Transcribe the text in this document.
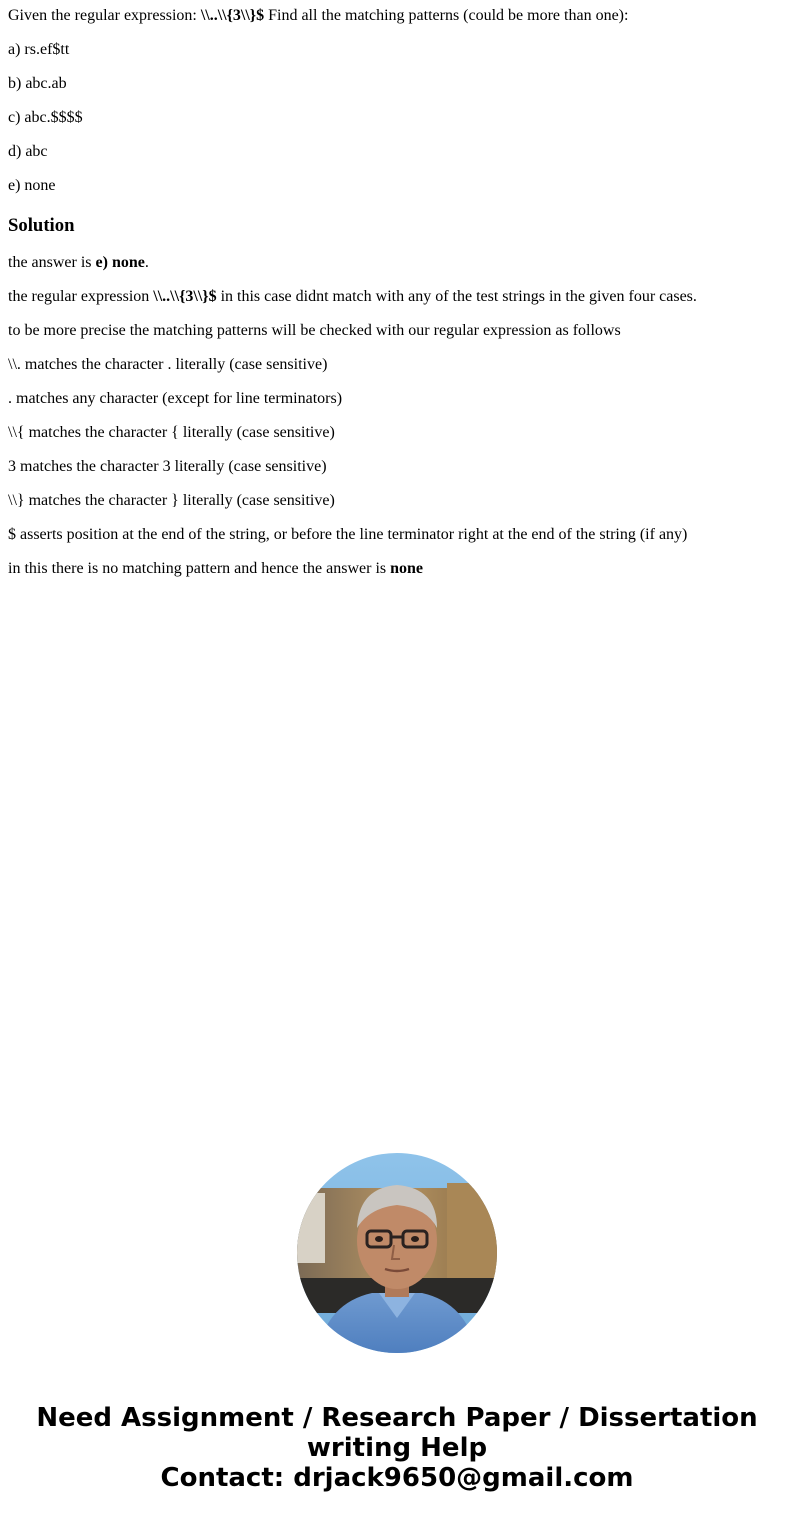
Given the regular expression: \\..\\{3\\}$ Find all the matching patterns (could be more than one):

a) rs.ef$tt

b) abc.ab

c) abc.$$$$

d) abc

e) none

Solution

the answer is e) none.

the regular expression \\..\\{3\\}$ in this case didnt match with any of the test strings in the given four cases.

to be more precise the matching patterns will be checked with our regular expression as follows

\\. matches the character . literally (case sensitive)

. matches any character (except for line terminators)

\\{ matches the character { literally (case sensitive)

3 matches the character 3 literally (case sensitive)

\\} matches the character } literally (case sensitive)

$ asserts position at the end of the string, or before the line terminator right at the end of the string (if any)

in this there is no matching pattern and hence the answer is none

Need Assignment / Research Paper / Dissertation
writing Help
Contact: drjack9650@gmail.com
